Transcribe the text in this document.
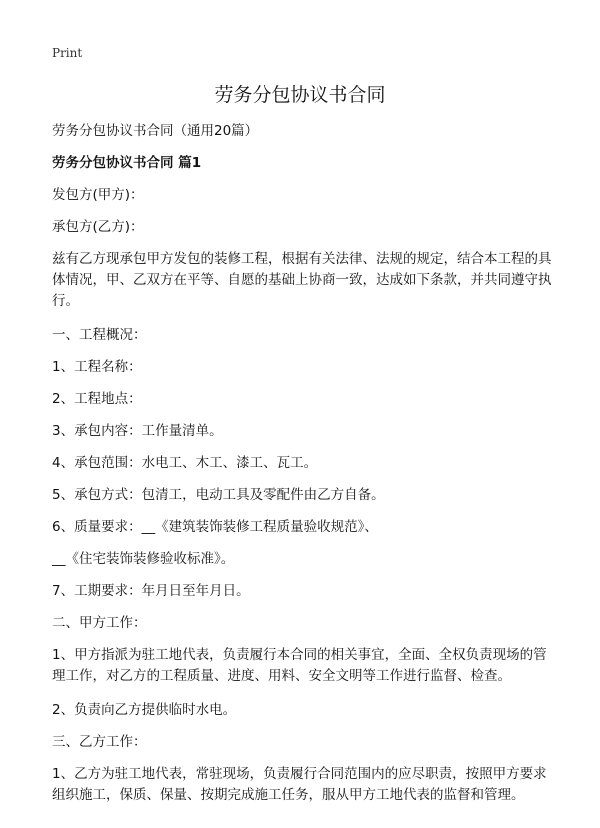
Print
劳务分包协议书合同

劳务分包协议书合同（通用20篇）

劳务分包协议书合同 篇1

发包方(甲方)：

承包方(乙方)：

兹有乙方现承包甲方发包的装修工程，根据有关法律、法规的规定，结合本工程的具体情况，甲、乙双方在平等、自愿的基础上协商一致，达成如下条款，并共同遵守执行。

一、工程概况：

1、工程名称：

2、工程地点：

3、承包内容：工作量清单。

4、承包范围：水电工、木工、漆工、瓦工。

5、承包方式：包清工，电动工具及零配件由乙方自备。

6、质量要求：__《建筑装饰装修工程质量验收规范》、

__《住宅装饰装修验收标准》。

7、工期要求：年月日至年月日。

二、甲方工作：

1、甲方指派为驻工地代表，负责履行本合同的相关事宜，全面、全权负责现场的管理工作，对乙方的工程质量、进度、用料、安全文明等工作进行监督、检查。

2、负责向乙方提供临时水电。

三、乙方工作：

1、乙方为驻工地代表，常驻现场，负责履行合同范围内的应尽职责，按照甲方要求组织施工，保质、保量、按期完成施工任务，服从甲方工地代表的监督和管理。
